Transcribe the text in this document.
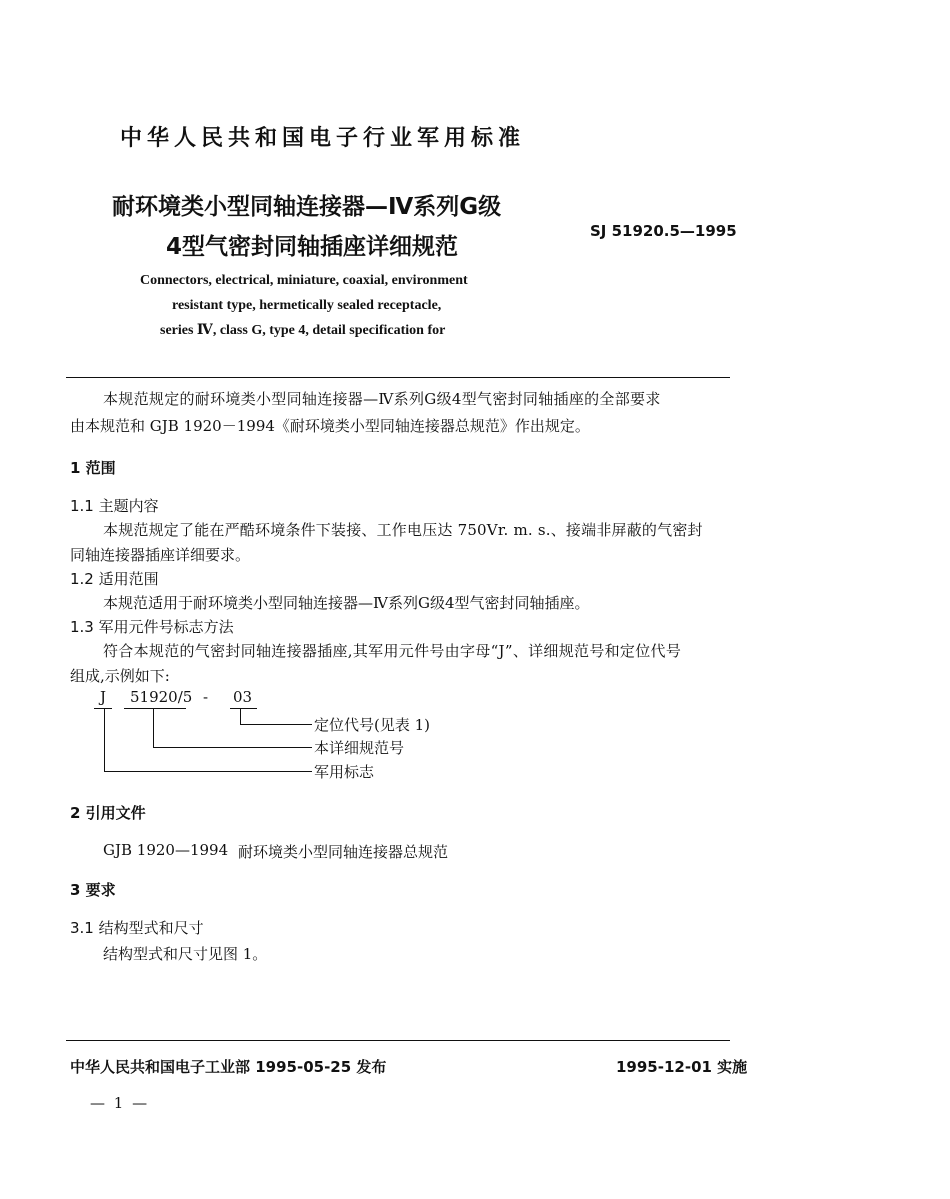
中华人民共和国电子行业军用标准
耐环境类小型同轴连接器—Ⅳ系列G级
4型气密封同轴插座详细规范
SJ 51920.5—1995
Connectors, electrical, miniature, coaxial, environment
resistant type, hermetically sealed receptacle,
series Ⅳ, class G, type 4, detail specification for
本规范规定的耐环境类小型同轴连接器—Ⅳ系列G级4型气密封同轴插座的全部要求
由本规范和 GJB 1920－1994《耐环境类小型同轴连接器总规范》作出规定。
1 范围
1.1 主题内容
本规范规定了能在严酷环境条件下装接、工作电压达 750Vr. m. s.、接端非屏蔽的气密封
同轴连接器插座详细要求。
1.2 适用范围
本规范适用于耐环境类小型同轴连接器—Ⅳ系列G级4型气密封同轴插座。
1.3 军用元件号标志方法
符合本规范的气密封同轴连接器插座,其军用元件号由字母“J”、详细规范号和定位代号
组成,示例如下:
J 51920/5 - 03
定位代号(见表 1)
本详细规范号
军用标志
2 引用文件
GJB 1920—1994 耐环境类小型同轴连接器总规范
3 要求
3.1 结构型式和尺寸
结构型式和尺寸见图 1。
中华人民共和国电子工业部 1995-05-25 发布	1995-12-01 实施
— 1 —
